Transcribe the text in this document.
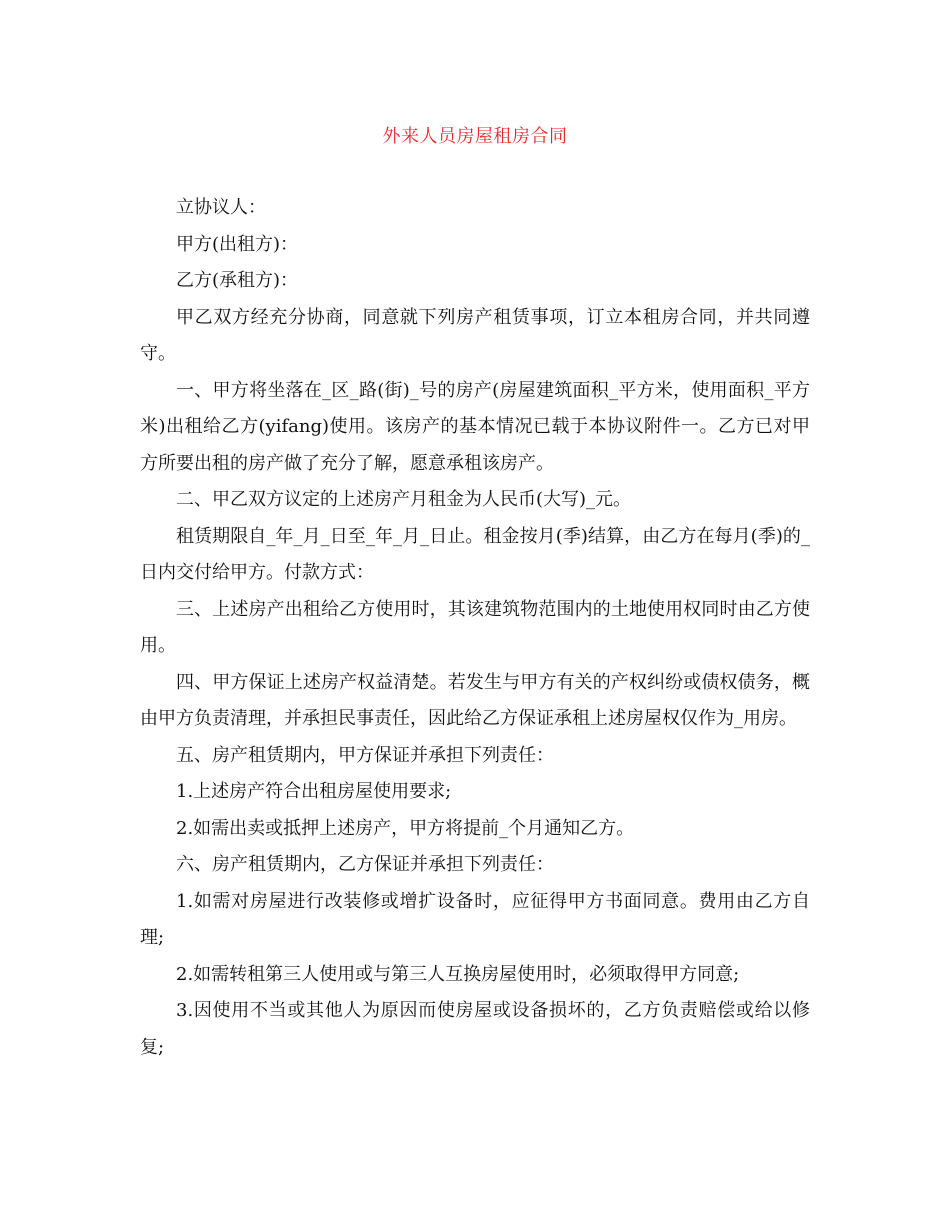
外来人员房屋租房合同

立协议人：

甲方(出租方)：

乙方(承租方)：

甲乙双方经充分协商，同意就下列房产租赁事项，订立本租房合同，并共同遵守。

一、甲方将坐落在_区_路(街)_号的房产(房屋建筑面积_平方米，使用面积_平方米)出租给乙方(yifang)使用。该房产的基本情况已载于本协议附件一。乙方已对甲方所要出租的房产做了充分了解，愿意承租该房产。

二、甲乙双方议定的上述房产月租金为人民币(大写)_元。

租赁期限自_年_月_日至_年_月_日止。租金按月(季)结算，由乙方在每月(季)的_日内交付给甲方。付款方式：

三、上述房产出租给乙方使用时，其该建筑物范围内的土地使用权同时由乙方使用。

四、甲方保证上述房产权益清楚。若发生与甲方有关的产权纠纷或债权债务，概由甲方负责清理，并承担民事责任，因此给乙方保证承租上述房屋权仅作为_用房。

五、房产租赁期内，甲方保证并承担下列责任：

1.上述房产符合出租房屋使用要求;

2.如需出卖或抵押上述房产，甲方将提前_个月通知乙方。

六、房产租赁期内，乙方保证并承担下列责任：

1.如需对房屋进行改装修或增扩设备时，应征得甲方书面同意。费用由乙方自理;

2.如需转租第三人使用或与第三人互换房屋使用时，必须取得甲方同意;

3.因使用不当或其他人为原因而使房屋或设备损坏的，乙方负责赔偿或给以修复;
